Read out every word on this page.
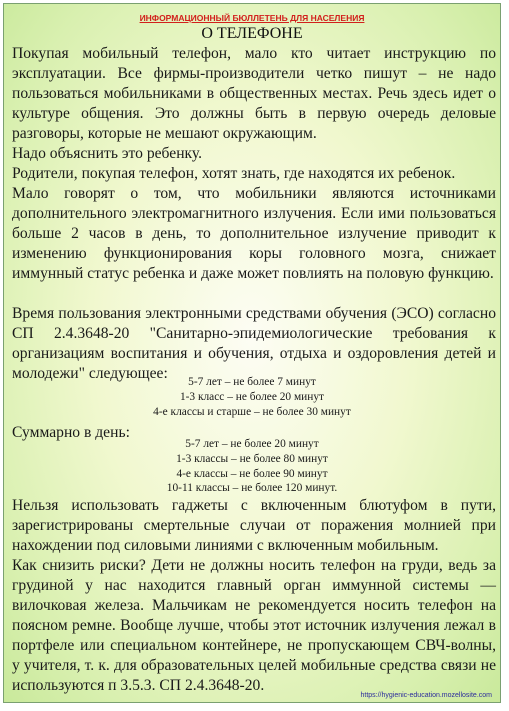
ИНФОРМАЦИОННЫЙ БЮЛЛЕТЕНЬ ДЛЯ НАСЕЛЕНИЯ
О ТЕЛЕФОНЕ

Покупая мобильный телефон, мало кто читает инструкцию по эксплуатации. Все фирмы-производители четко пишут – не надо пользоваться мобильниками в общественных местах. Речь здесь идет о культуре общения. Это должны быть в первую очередь деловые разговоры, которые не мешают окружающим.

Надо объяснить это ребенку.

Родители, покупая телефон, хотят знать, где находятся их ребенок.

Мало говорят о том, что мобильники являются источниками дополнительного электромагнитного излучения. Если ими пользоваться больше 2 часов в день, то дополнительное излучение приводит к изменению функционирования коры головного мозга, снижает иммунный статус ребенка и даже может повлиять на половую функцию.

Время пользования электронными средствами обучения (ЭСО) согласно СП 2.4.3648-20 "Санитарно-эпидемиологические требования к организациям воспитания и обучения, отдыха и оздоровления детей и молодежи" следующее:	5-7 лет – не более 7 минут
1-3 класс – не более 20 минут
4-е классы и старше – не более 30 минут

Суммарно в день:

5-7 лет – не более 20 минут
1-3 классы – не более 80 минут
4-е классы – не более 90 минут
10-11 классы – не более 120 минут.

Нельзя использовать гаджеты с включенным блютуфом в пути, зарегистрированы смертельные случаи от поражения молнией при нахождении под силовыми линиями с включенным мобильным.

Как снизить риски? Дети не должны носить телефон на груди, ведь за грудиной у нас находится главный орган иммунной системы — вилочковая железа. Мальчикам не рекомендуется носить телефон на поясном ремне. Вообще лучше, чтобы этот источник излучения лежал в портфеле или специальном контейнере, не пропускающем СВЧ-волны, у учителя, т. к. для образовательных целей мобильные средства связи не используются п 3.5.3. СП 2.4.3648-20.

https://hygienic-education.mozellosite.com
